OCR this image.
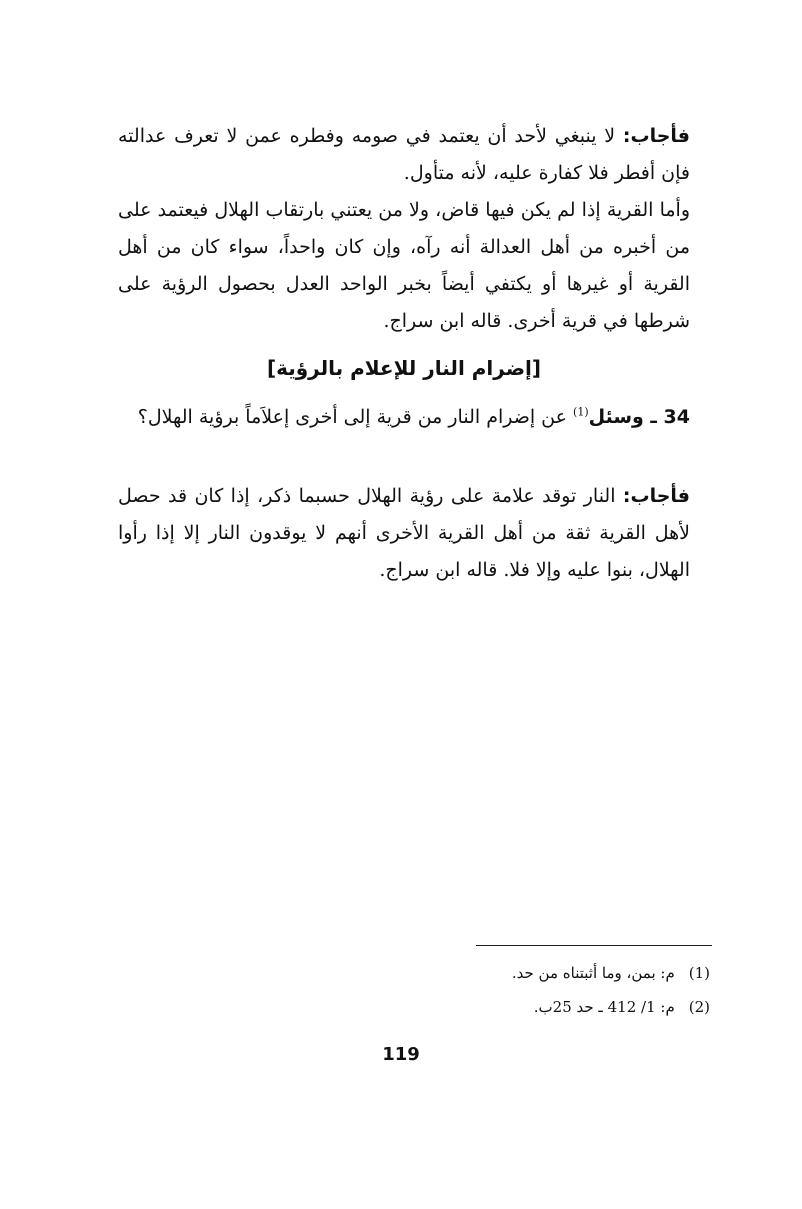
فأجاب: لا ينبغي لأحد أن يعتمد في صومه وفطره عمن لا تعرف عدالته فإن أفطر فلا كفارة عليه، لأنه متأول.

وأما القرية إذا لم يكن فيها قاض، ولا من يعتني بارتقاب الهلال فيعتمد على من أخبره من أهل العدالة أنه رآه، وإن كان واحداً، سواء كان من أهل القرية أو غيرها أو يكتفي أيضاً بخبر الواحد العدل بحصول الرؤية على شرطها في قرية أخرى. قاله ابن سراج.

[إضرام النار للإعلام بالرؤية]

34 ـ وسئل$^{(1)}$ عن إضرام النار من قرية إلى أخرى إعلاَماً برؤية الهلال؟

فأجاب: النار توقد علامة على رؤية الهلال حسبما ذكر، إذا كان قد حصل لأهل القرية ثقة من أهل القرية الأخرى أنهم لا يوقدون النار إلا إذا رأوا الهلال، بنوا عليه وإلا فلا. قاله ابن سراج.

(1)م: بمن، وما أثبتناه من حد.
(2)م: 1/ 412 ـ حد 25ب.
119
